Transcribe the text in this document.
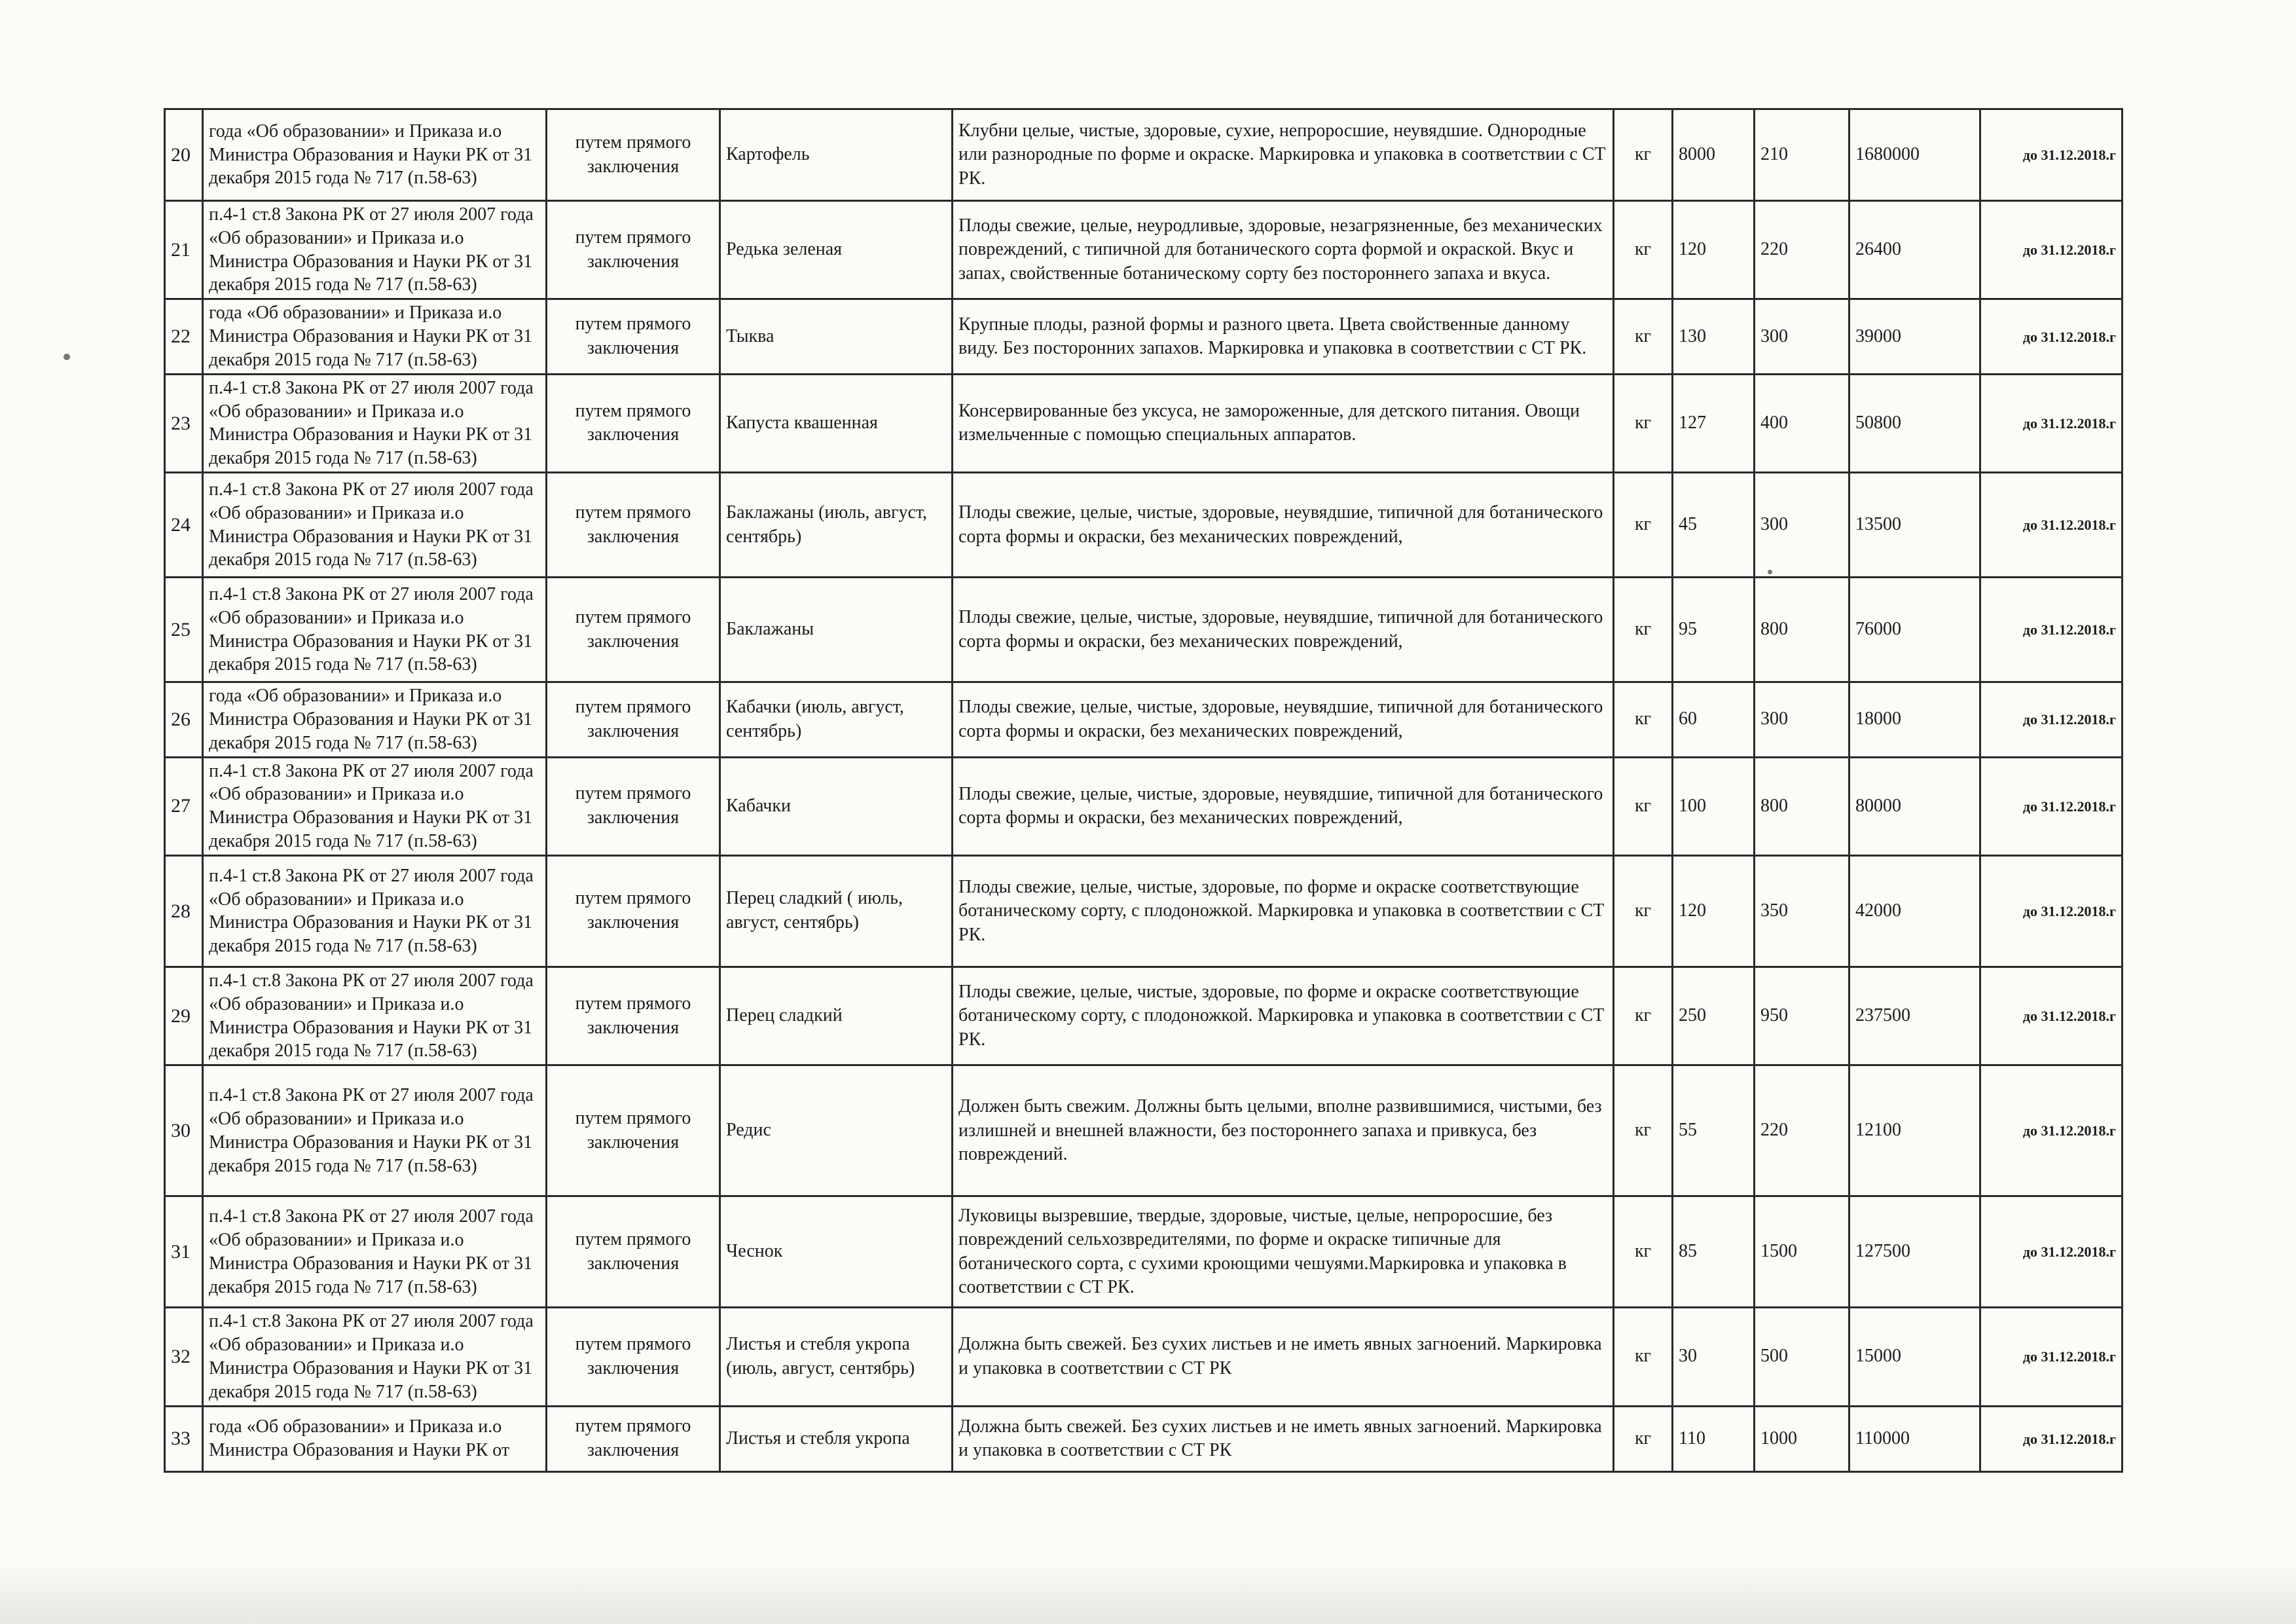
20	года «Об образовании» и Приказа и.о Министра Образования и Науки РК от 31 декабря 2015 года № 717 (п.58-63)	путем прямого заключения	Картофель	Клубни целые, чистые, здоровые, сухие, непроросшие, неувядшие. Однородные или разнородные по форме и окраске. Маркировка и упаковка в соответствии с СТ РК.	кг	8000	210	1680000	до 31.12.2018.г
21	п.4-1 ст.8 Закона РК от 27 июля 2007 года «Об образовании» и Приказа и.о Министра Образования и Науки РК от 31 декабря 2015 года № 717 (п.58-63)	путем прямого заключения	Редька зеленая	Плоды свежие, целые, неуродливые, здоровые, незагрязненные, без механических повреждений, с типичной для ботанического сорта формой и окраской. Вкус и запах, свойственные ботаническому сорту без постороннего запаха и вкуса.	кг	120	220	26400	до 31.12.2018.г
22	года «Об образовании» и Приказа и.о Министра Образования и Науки РК от 31 декабря 2015 года № 717 (п.58-63)	путем прямого заключения	Тыква	Крупные плоды, разной формы и разного цвета. Цвета свойственные данному виду. Без посторонних запахов. Маркировка и упаковка в соответствии с СТ РК.	кг	130	300	39000	до 31.12.2018.г
23	п.4-1 ст.8 Закона РК от 27 июля 2007 года «Об образовании» и Приказа и.о Министра Образования и Науки РК от 31 декабря 2015 года № 717 (п.58-63)	путем прямого заключения	Капуста квашенная	Консервированные без уксуса, не замороженные, для детского питания. Овощи измельченные с помощью специальных аппаратов.	кг	127	400	50800	до 31.12.2018.г
24	п.4-1 ст.8 Закона РК от 27 июля 2007 года «Об образовании» и Приказа и.о Министра Образования и Науки РК от 31 декабря 2015 года № 717 (п.58-63)	путем прямого заключения	Баклажаны (июль, август, сентябрь)	Плоды свежие, целые, чистые, здоровые, неувядшие, типичной для ботанического сорта формы и окраски, без механических повреждений,	кг	45	300	13500	до 31.12.2018.г
25	п.4-1 ст.8 Закона РК от 27 июля 2007 года «Об образовании» и Приказа и.о Министра Образования и Науки РК от 31 декабря 2015 года № 717 (п.58-63)	путем прямого заключения	Баклажаны	Плоды свежие, целые, чистые, здоровые, неувядшие, типичной для ботанического сорта формы и окраски, без механических повреждений,	кг	95	800	76000	до 31.12.2018.г
26	года «Об образовании» и Приказа и.о Министра Образования и Науки РК от 31 декабря 2015 года № 717 (п.58-63)	путем прямого заключения	Кабачки (июль, август, сентябрь)	Плоды свежие, целые, чистые, здоровые, неувядшие, типичной для ботанического сорта формы и окраски, без механических повреждений,	кг	60	300	18000	до 31.12.2018.г
27	п.4-1 ст.8 Закона РК от 27 июля 2007 года «Об образовании» и Приказа и.о Министра Образования и Науки РК от 31 декабря 2015 года № 717 (п.58-63)	путем прямого заключения	Кабачки	Плоды свежие, целые, чистые, здоровые, неувядшие, типичной для ботанического сорта формы и окраски, без механических повреждений,	кг	100	800	80000	до 31.12.2018.г
28	п.4-1 ст.8 Закона РК от 27 июля 2007 года «Об образовании» и Приказа и.о Министра Образования и Науки РК от 31 декабря 2015 года № 717 (п.58-63)	путем прямого заключения	Перец сладкий ( июль, август, сентябрь)	Плоды свежие, целые, чистые, здоровые, по форме и окраске соответствующие ботаническому сорту, с плодоножкой. Маркировка и упаковка в соответствии с СТ РК.	кг	120	350	42000	до 31.12.2018.г
29	п.4-1 ст.8 Закона РК от 27 июля 2007 года «Об образовании» и Приказа и.о Министра Образования и Науки РК от 31 декабря 2015 года № 717 (п.58-63)	путем прямого заключения	Перец сладкий	Плоды свежие, целые, чистые, здоровые, по форме и окраске соответствующие ботаническому сорту, с плодоножкой. Маркировка и упаковка в соответствии с СТ РК.	кг	250	950	237500	до 31.12.2018.г
30	п.4-1 ст.8 Закона РК от 27 июля 2007 года «Об образовании» и Приказа и.о Министра Образования и Науки РК от 31 декабря 2015 года № 717 (п.58-63)	путем прямого заключения	Редис	Должен быть свежим. Должны быть целыми, вполне развившимися, чистыми, без излишней и внешней влажности, без постороннего запаха и привкуса, без повреждений.	кг	55	220	12100	до 31.12.2018.г
31	п.4-1 ст.8 Закона РК от 27 июля 2007 года «Об образовании» и Приказа и.о Министра Образования и Науки РК от 31 декабря 2015 года № 717 (п.58-63)	путем прямого заключения	Чеснок	Луковицы вызревшие, твердые, здоровые, чистые, целые, непроросшие, без повреждений сельхозвредителями, по форме и окраске типичные для ботанического сорта, с сухими кроющими чешуями.Маркировка и упаковка в соответствии с СТ РК.	кг	85	1500	127500	до 31.12.2018.г
32	п.4-1 ст.8 Закона РК от 27 июля 2007 года «Об образовании» и Приказа и.о Министра Образования и Науки РК от 31 декабря 2015 года № 717 (п.58-63)	путем прямого заключения	Листья и стебля укропа (июль, август, сентябрь)	Должна быть свежей. Без сухих листьев и не иметь явных загноений. Маркировка и упаковка в соответствии с СТ РК	кг	30	500	15000	до 31.12.2018.г
33	года «Об образовании» и Приказа и.о Министра Образования и Науки РК от	путем прямого заключения	Листья и стебля укропа	Должна быть свежей. Без сухих листьев и не иметь явных загноений. Маркировка и упаковка в соответствии с СТ РК	кг	110	1000	110000	до 31.12.2018.г
